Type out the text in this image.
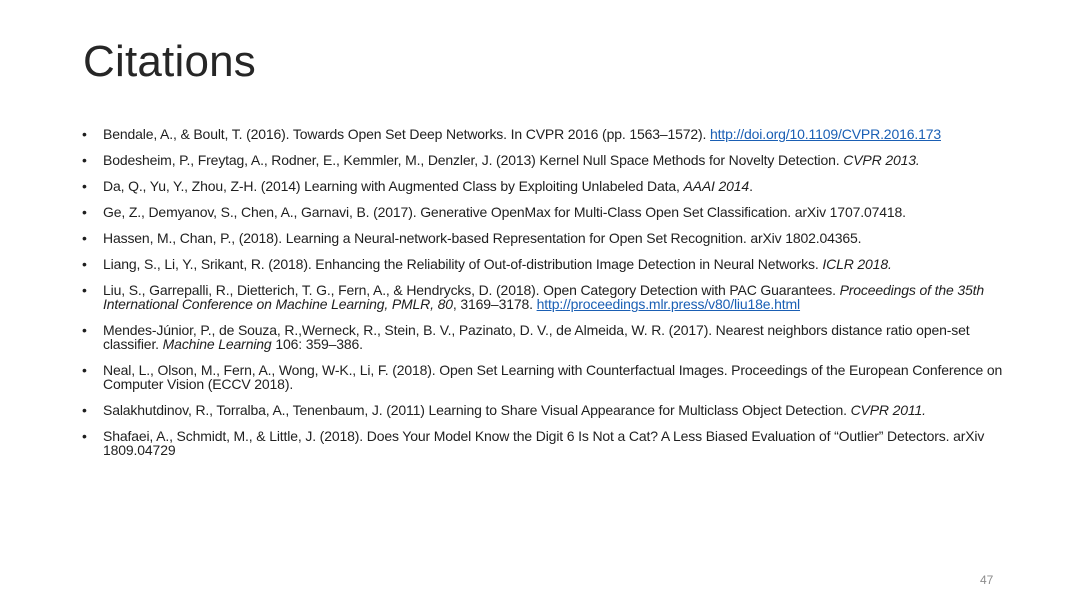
Citations
• Bendale, A., & Boult, T. (2016). Towards Open Set Deep Networks. In CVPR 2016 (pp. 1563–1572). http://doi.org/10.1109/CVPR.2016.173
• Bodesheim, P., Freytag, A., Rodner, E., Kemmler, M., Denzler, J. (2013) Kernel Null Space Methods for Novelty Detection. CVPR 2013.
• Da, Q., Yu, Y., Zhou, Z-H. (2014) Learning with Augmented Class by Exploiting Unlabeled Data, AAAI 2014.
• Ge, Z., Demyanov, S., Chen, A., Garnavi, B. (2017). Generative OpenMax for Multi-Class Open Set Classification. arXiv 1707.07418.
• Hassen, M., Chan, P., (2018). Learning a Neural-network-based Representation for Open Set Recognition. arXiv 1802.04365.
• Liang, S., Li, Y., Srikant, R. (2018). Enhancing the Reliability of Out-of-distribution Image Detection in Neural Networks. ICLR 2018.
• Liu, S., Garrepalli, R., Dietterich, T. G., Fern, A., & Hendrycks, D. (2018). Open Category Detection with PAC Guarantees. Proceedings of the 35th International Conference on Machine Learning, PMLR, 80, 3169–3178. http://proceedings.mlr.press/v80/liu18e.html
• Mendes-Júnior, P., de Souza, R.,Werneck, R., Stein, B. V., Pazinato, D. V., de Almeida, W. R. (2017). Nearest neighbors distance ratio open-set classifier. Machine Learning 106: 359–386.
• Neal, L., Olson, M., Fern, A., Wong, W-K., Li, F. (2018). Open Set Learning with Counterfactual Images. Proceedings of the European Conference on Computer Vision (ECCV 2018).
• Salakhutdinov, R., Torralba, A., Tenenbaum, J. (2011) Learning to Share Visual Appearance for Multiclass Object Detection. CVPR 2011.
• Shafaei, A., Schmidt, M., & Little, J. (2018). Does Your Model Know the Digit 6 Is Not a Cat? A Less Biased Evaluation of “Outlier” Detectors. arXiv 1809.04729
47
